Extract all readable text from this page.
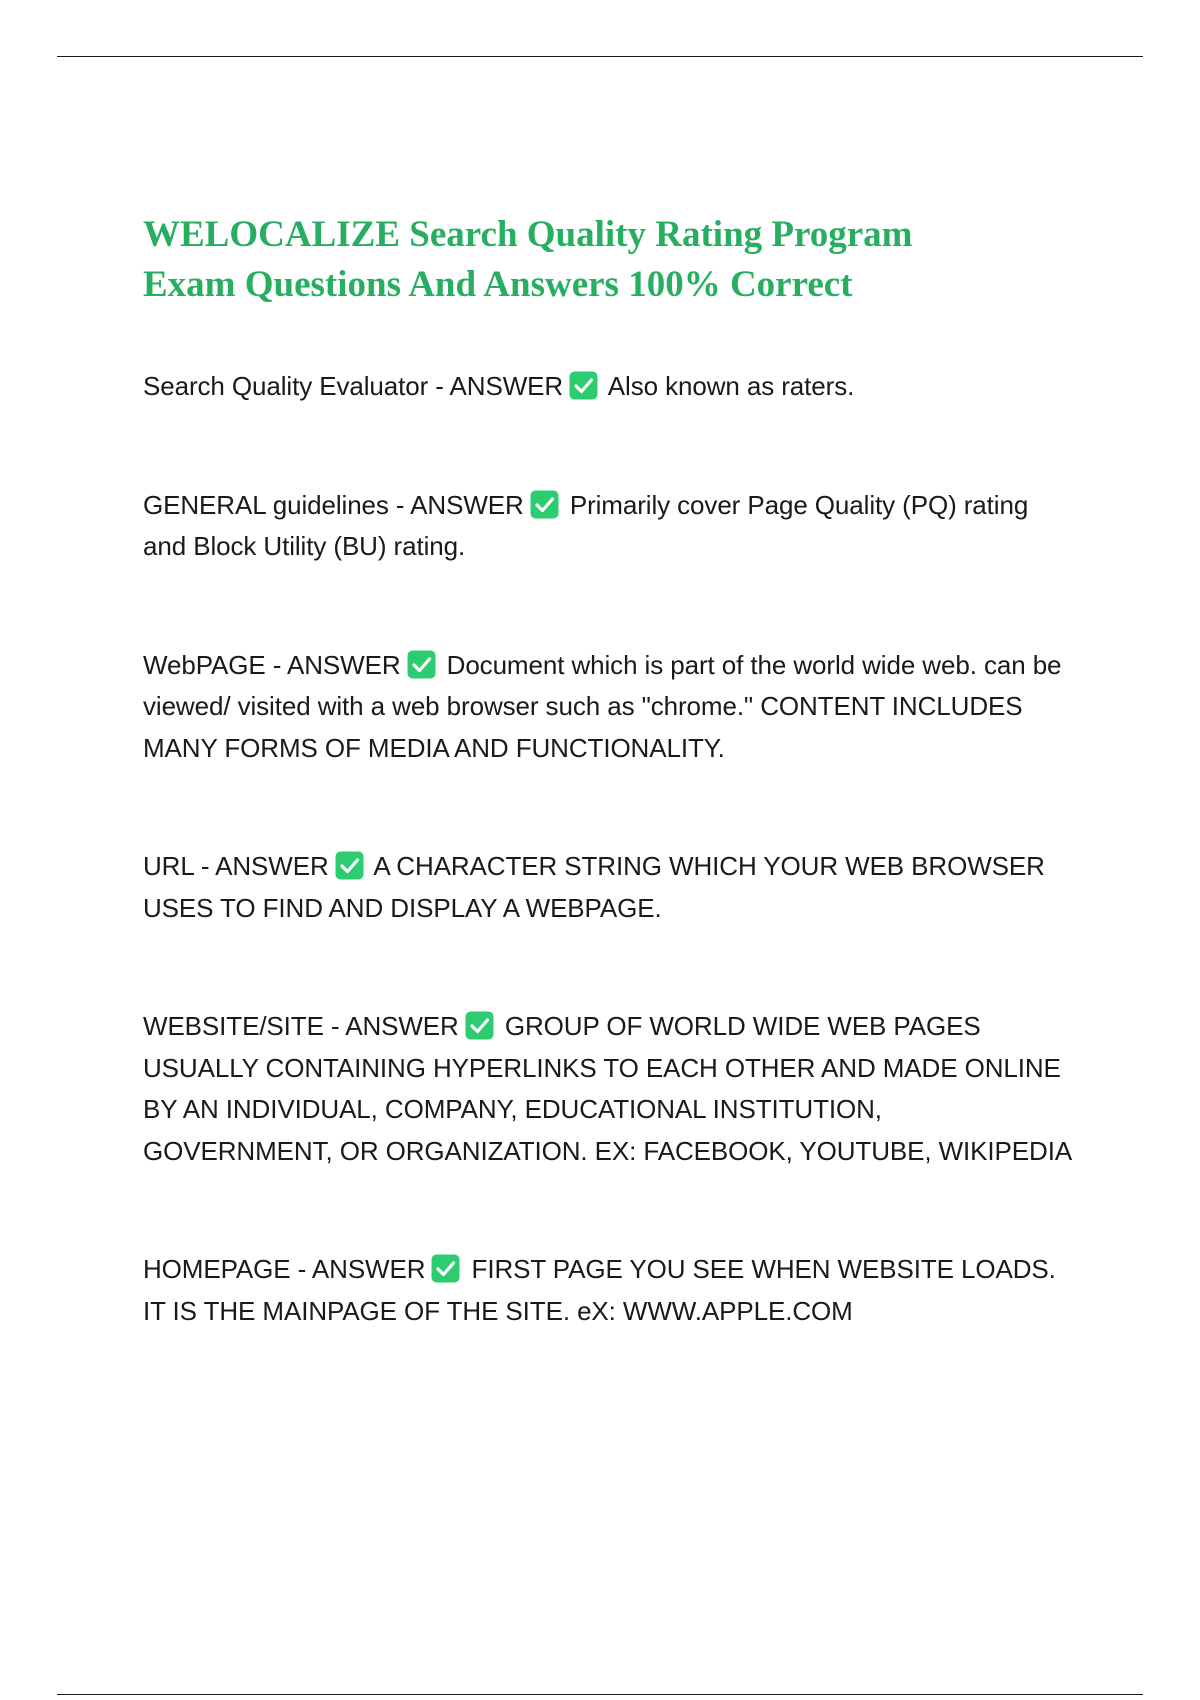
WELOCALIZE Search Quality Rating Program
Exam Questions And Answers 100% Correct
Search Quality Evaluator - ANSWER Also known as raters.
GENERAL guidelines - ANSWER Primarily cover Page Quality (PQ) rating and Block Utility (BU) rating.
WebPAGE - ANSWER Document which is part of the world wide web. can be viewed/ visited with a web browser such as "chrome." CONTENT INCLUDES MANY FORMS OF MEDIA AND FUNCTIONALITY.
URL - ANSWER A CHARACTER STRING WHICH YOUR WEB BROWSER USES TO FIND AND DISPLAY A WEBPAGE.
WEBSITE/SITE - ANSWER GROUP OF WORLD WIDE WEB PAGES USUALLY CONTAINING HYPERLINKS TO EACH OTHER AND MADE ONLINE BY AN INDIVIDUAL, COMPANY, EDUCATIONAL INSTITUTION, GOVERNMENT, OR ORGANIZATION. EX: FACEBOOK, YOUTUBE, WIKIPEDIA
HOMEPAGE - ANSWER FIRST PAGE YOU SEE WHEN WEBSITE LOADS. IT IS THE MAINPAGE OF THE SITE. eX: WWW.APPLE.COM
